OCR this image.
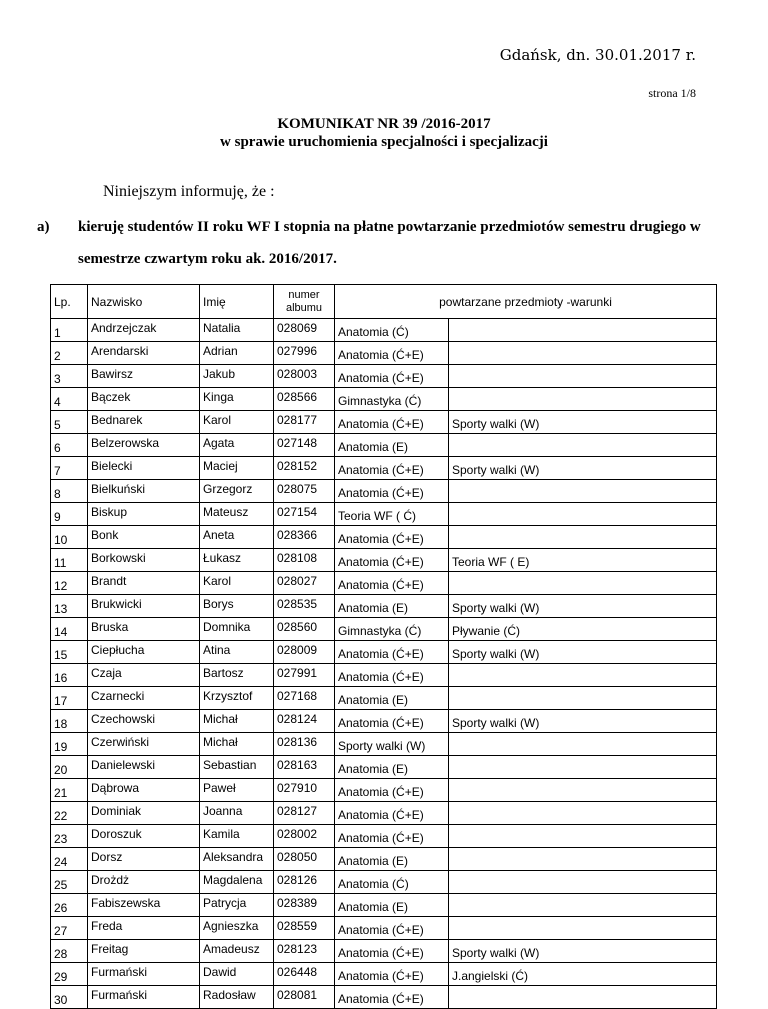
Gdańsk, dn. 30.01.2017 r.
strona 1/8
KOMUNIKAT NR 39 /2016-2017
w sprawie uruchomienia specjalności i specjalizacji
Niniejszym informuję, że :
a) kieruję studentów II roku WF I stopnia na płatne powtarzanie przedmiotów semestru drugiego w semestrze czwartym roku ak. 2016/2017.
Lp.	Nazwisko	Imię	numer albumu	powtarzane przedmioty -warunki	
1	Andrzejczak	Natalia	028069	Anatomia (Ć)	
2	Arendarski	Adrian	027996	Anatomia (Ć+E)	
3	Bawirsz	Jakub	028003	Anatomia (Ć+E)	
4	Bączek	Kinga	028566	Gimnastyka (Ć)	
5	Bednarek	Karol	028177	Anatomia (Ć+E)	Sporty walki (W)
6	Belzerowska	Agata	027148	Anatomia (E)	
7	Bielecki	Maciej	028152	Anatomia (Ć+E)	Sporty walki (W)
8	Bielkuński	Grzegorz	028075	Anatomia (Ć+E)	
9	Biskup	Mateusz	027154	Teoria WF ( Ć)	
10	Bonk	Aneta	028366	Anatomia (Ć+E)	
11	Borkowski	Łukasz	028108	Anatomia (Ć+E)	Teoria WF ( E)
12	Brandt	Karol	028027	Anatomia (Ć+E)	
13	Brukwicki	Borys	028535	Anatomia (E)	Sporty walki (W)
14	Bruska	Domnika	028560	Gimnastyka (Ć)	Pływanie (Ć)
15	Ciepłucha	Atina	028009	Anatomia (Ć+E)	Sporty walki (W)
16	Czaja	Bartosz	027991	Anatomia (Ć+E)	
17	Czarnecki	Krzysztof	027168	Anatomia (E)	
18	Czechowski	Michał	028124	Anatomia (Ć+E)	Sporty walki (W)
19	Czerwiński	Michał	028136	Sporty walki (W)	
20	Danielewski	Sebastian	028163	Anatomia (E)	
21	Dąbrowa	Paweł	027910	Anatomia (Ć+E)	
22	Dominiak	Joanna	028127	Anatomia (Ć+E)	
23	Doroszuk	Kamila	028002	Anatomia (Ć+E)	
24	Dorsz	Aleksandra	028050	Anatomia (E)	
25	Drożdż	Magdalena	028126	Anatomia (Ć)	
26	Fabiszewska	Patrycja	028389	Anatomia (E)	
27	Freda	Agnieszka	028559	Anatomia (Ć+E)	
28	Freitag	Amadeusz	028123	Anatomia (Ć+E)	Sporty walki (W)
29	Furmański	Dawid	026448	Anatomia (Ć+E)	J.angielski (Ć)
30	Furmański	Radosław	028081	Anatomia (Ć+E)	
